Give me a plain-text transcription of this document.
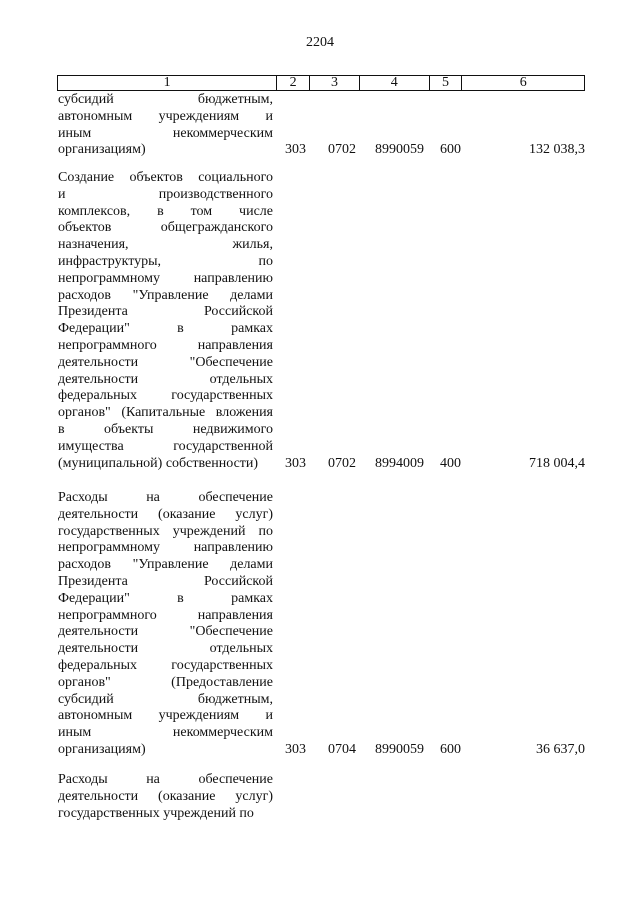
2204
1	2	3	4	5	6
субсидий бюджетным,
автономным учреждениям и
иным некоммерческим
организациям)	303 0702 8990059 600	132 038,3
Создание объектов социального
и производственного
комплексов, в том числе
объектов общегражданского
назначения, жилья,
инфраструктуры, по
непрограммному направлению
расходов "Управление делами
Президента Российской
Федерации" в рамках
непрограммного направления
деятельности "Обеспечение
деятельности отдельных
федеральных государственных
органов" (Капитальные вложения
в объекты недвижимого
имущества государственной
(муниципальной) собственности)	303 0702 8994009 400	718 004,4
Расходы на обеспечение
деятельности (оказание услуг)
государственных учреждений по
непрограммному направлению
расходов "Управление делами
Президента Российской
Федерации" в рамках
непрограммного направления
деятельности "Обеспечение
деятельности отдельных
федеральных государственных
органов" (Предоставление
субсидий бюджетным,
автономным учреждениям и
иным некоммерческим
организациям)	303 0704 8990059 600	36 637,0
Расходы на обеспечение
деятельности (оказание услуг)
государственных учреждений по
